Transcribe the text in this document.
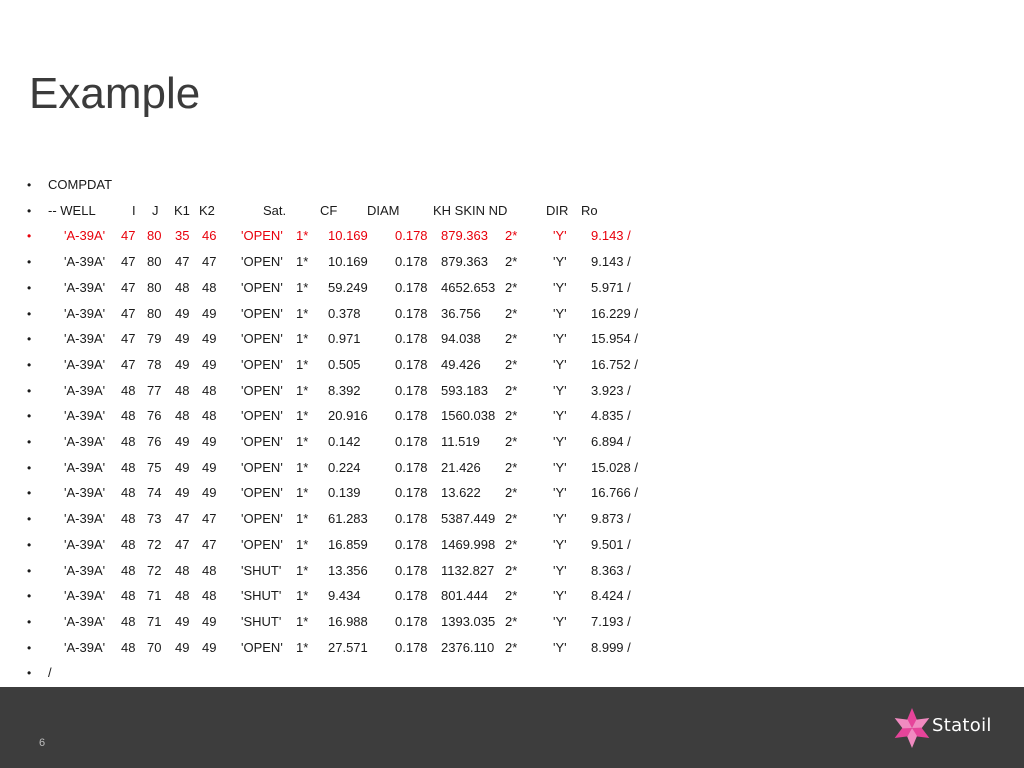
Example
• COMPDAT
• -- WELL	I J K1 K2	Sat.	CF DIAM	KH SKIN ND	DIR Ro
•	'A-39A' 47 80 35 46 'OPEN' 1* 10.169 0.178 879.363 2*	'Y' 9.143 /
•	'A-39A' 47 80 47 47 'OPEN' 1* 10.169 0.178 879.363 2*	'Y' 9.143 /
•	'A-39A' 47 80 48 48 'OPEN' 1* 59.249 0.178 4652.653 2*	'Y' 5.971 /
•	'A-39A' 47 80 49 49 'OPEN' 1* 0.378	0.178 36.756 2*	'Y' 16.229 /
•	'A-39A' 47 79 49 49 'OPEN' 1* 0.971	0.178 94.038 2*	'Y' 15.954 /
•	'A-39A' 47 78 49 49 'OPEN' 1* 0.505	0.178 49.426 2*	'Y' 16.752 /
•	'A-39A' 48 77 48 48 'OPEN' 1* 8.392	0.178 593.183 2*	'Y' 3.923 /
•	'A-39A' 48 76 48 48 'OPEN' 1* 20.916 0.178 1560.038 2*	'Y' 4.835 /
•	'A-39A' 48 76 49 49 'OPEN' 1* 0.142	0.178 11.519 2*	'Y' 6.894 /
•	'A-39A' 48 75 49 49 'OPEN' 1* 0.224	0.178 21.426 2*	'Y' 15.028 /
•	'A-39A' 48 74 49 49 'OPEN' 1* 0.139	0.178 13.622 2*	'Y' 16.766 /
•	'A-39A' 48 73 47 47 'OPEN' 1* 61.283 0.178 5387.449 2*	'Y' 9.873 /
•	'A-39A' 48 72 47 47 'OPEN' 1* 16.859 0.178 1469.998 2*	'Y' 9.501 /
•	'A-39A' 48 72 48 48 'SHUT' 1* 13.356 0.178 1132.827 2*	'Y' 8.363 /
•	'A-39A' 48 71 48 48 'SHUT' 1* 9.434	0.178 801.444 2*	'Y' 8.424 /
•	'A-39A' 48 71 49 49 'SHUT' 1* 16.988 0.178 1393.035 2*	'Y' 7.193 /
•	'A-39A' 48 70 49 49 'OPEN' 1* 27.571 0.178 2376.110 2*	'Y' 8.999 /
• /
6
Statoil
